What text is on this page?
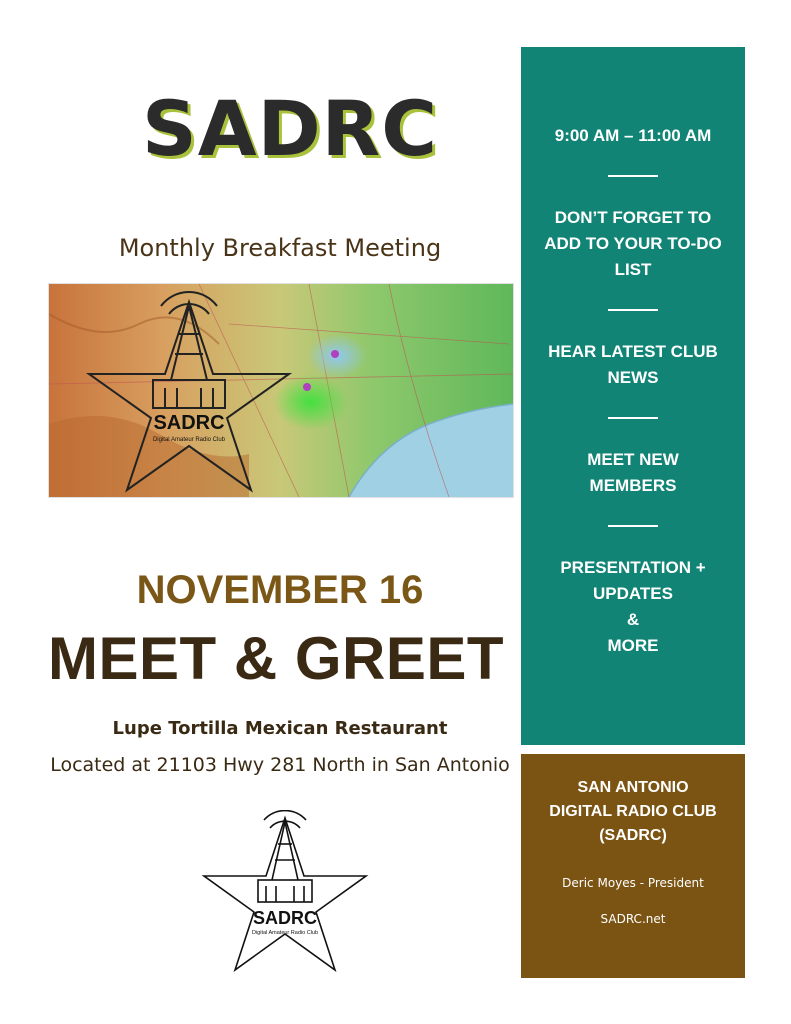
SADRC
Monthly Breakfast Meeting
SADRC
Digital Amateur Radio Club
NOVEMBER 16
MEET & GREET
Lupe Tortilla Mexican Restaurant
Located at 21103 Hwy 281 North in San Antonio
SADRC
Digital Amateur Radio Club
9:00 AM – 11:00 AM
DON’T FORGET TO
ADD TO YOUR TO-DO
LIST
HEAR LATEST CLUB
NEWS
MEET NEW
MEMBERS
PRESENTATION +
UPDATES
&
MORE
SAN ANTONIO
DIGITAL RADIO CLUB
(SADRC)
Deric Moyes - President
SADRC.net
